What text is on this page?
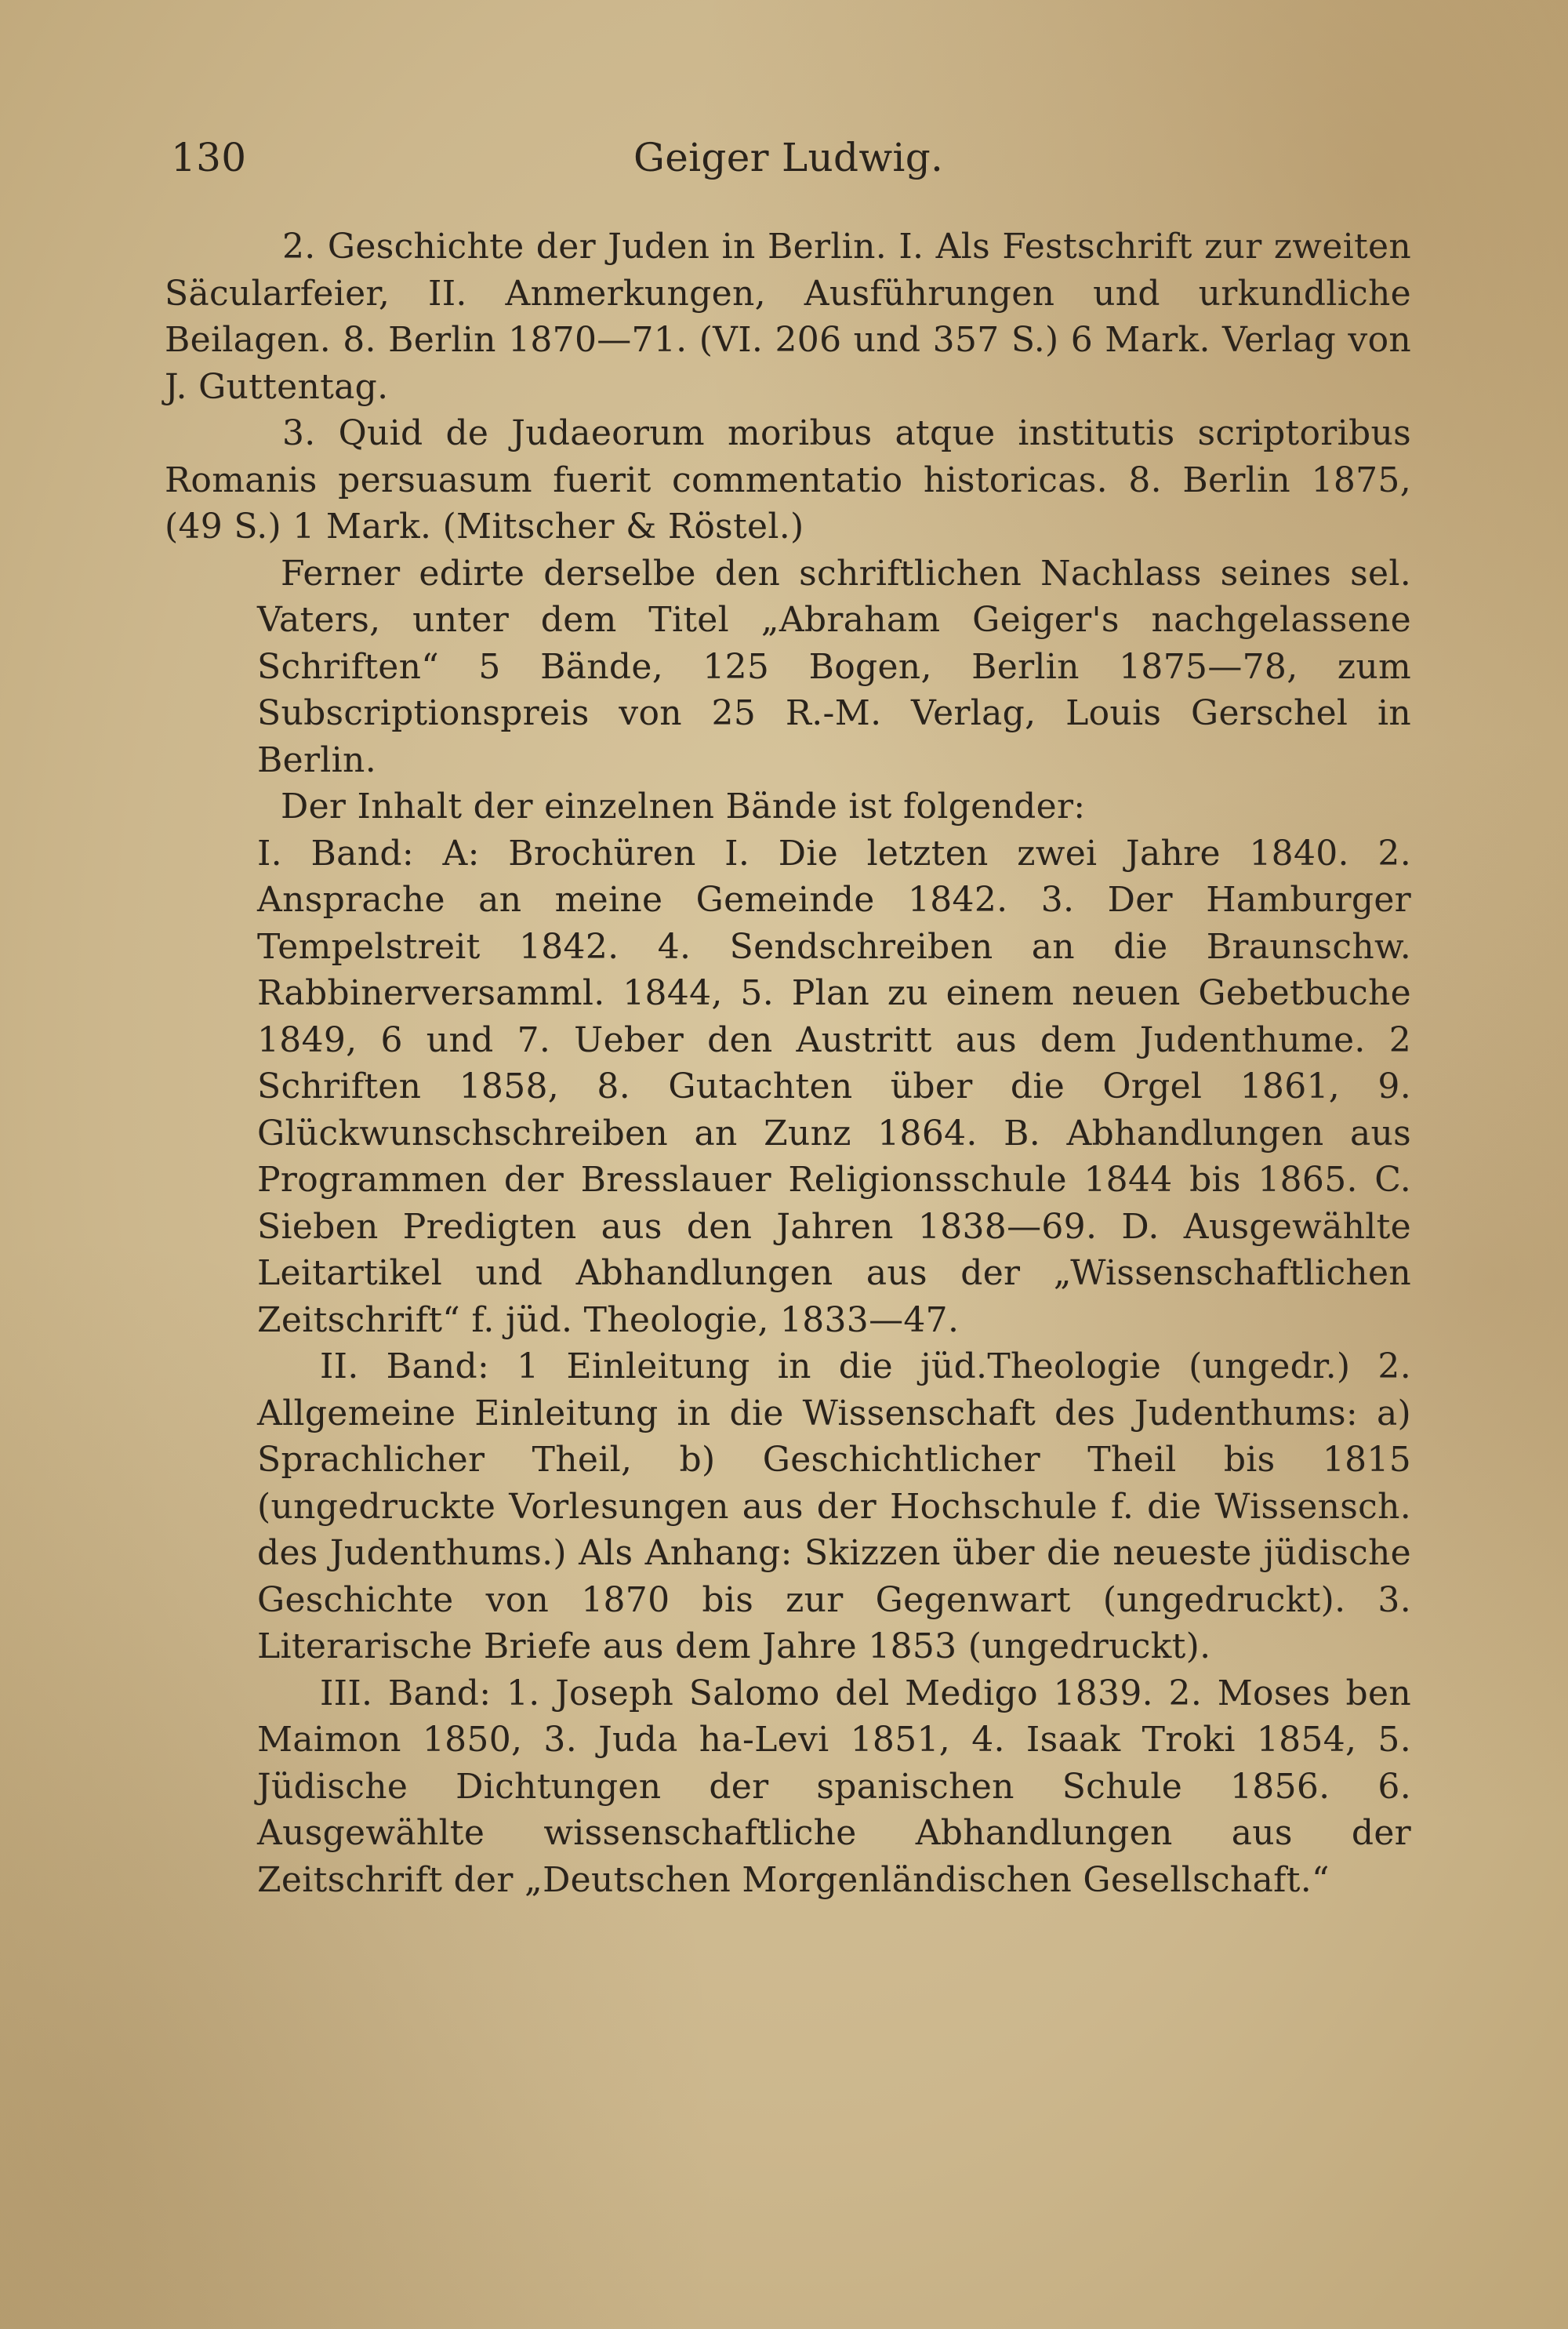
130	Geiger Ludwig.

2. Geschichte der Juden in Berlin. I. Als Festschrift zur zweiten Säcularfeier, II. Anmerkungen, Ausführungen und urkundliche Beilagen. 8. Berlin 1870—71. (VI. 206 und 357 S.) 6 Mark. Verlag von J. Guttentag.

3. Quid de Judaeorum moribus atque institutis scriptoribus Romanis persuasum fuerit commentatio historicas. 8. Berlin 1875, (49 S.) 1 Mark. (Mitscher & Röstel.)

Ferner edirte derselbe den schriftlichen Nachlass seines sel. Vaters, unter dem Titel „Abraham Geiger's nachgelassene Schriften“ 5 Bände, 125 Bogen, Berlin 1875—78, zum Subscriptionspreis von 25 R.-M. Verlag, Louis Gerschel in Berlin.

Der Inhalt der einzelnen Bände ist folgender:

I. Band: A: Brochüren I. Die letzten zwei Jahre 1840. 2. Ansprache an meine Gemeinde 1842. 3. Der Hamburger Tempelstreit 1842. 4. Sendschreiben an die Braunschw. Rabbinerversamml. 1844, 5. Plan zu einem neuen Gebetbuche 1849, 6 und 7. Ueber den Austritt aus dem Judenthume. 2 Schriften 1858, 8. Gutachten über die Orgel 1861, 9. Glückwunschschreiben an Zunz 1864. B. Abhandlungen aus Programmen der Bresslauer Religionsschule 1844 bis 1865. C. Sieben Predigten aus den Jahren 1838—69. D. Ausgewählte Leitartikel und Abhandlungen aus der „Wissenschaftlichen Zeitschrift“ f. jüd. Theologie, 1833—47.

II. Band: 1 Einleitung in die jüd.Theologie (ungedr.) 2. Allgemeine Einleitung in die Wissenschaft des Judenthums: a) Sprachlicher Theil, b) Geschichtlicher Theil bis 1815 (ungedruckte Vorlesungen aus der Hochschule f. die Wissensch. des Judenthums.) Als Anhang: Skizzen über die neueste jüdische Geschichte von 1870 bis zur Gegenwart (ungedruckt). 3. Literarische Briefe aus dem Jahre 1853 (ungedruckt).

III. Band: 1. Joseph Salomo del Medigo 1839. 2. Moses ben Maimon 1850, 3. Juda ha-Levi 1851, 4. Isaak Troki 1854, 5. Jüdische Dichtungen der spanischen Schule 1856. 6. Ausgewählte wissenschaftliche Abhandlungen aus der Zeitschrift der „Deutschen Morgenländischen Gesellschaft.“
